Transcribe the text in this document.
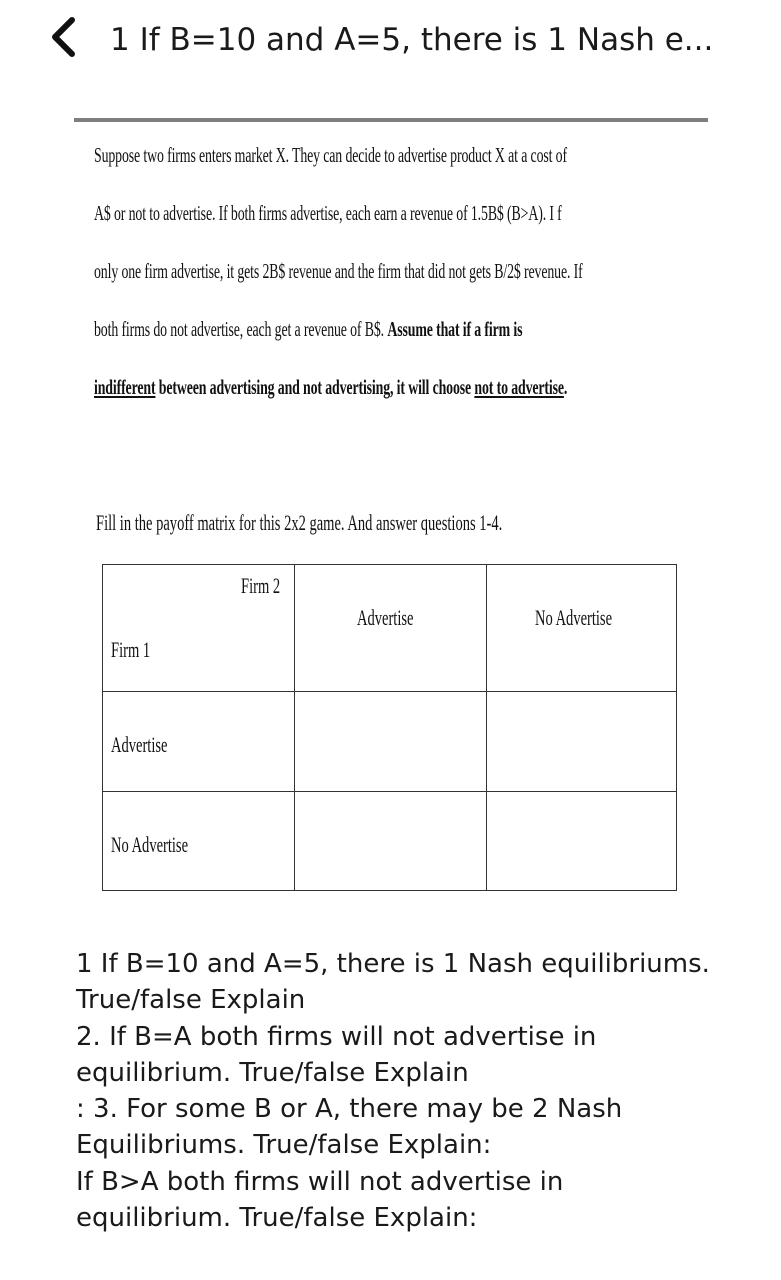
1 If B=10 and A=5, there is 1 Nash e...
Suppose two firms enters market X. They can decide to advertise product X at a cost of
A$ or not to advertise. If both firms advertise, each earn a revenue of 1.5B$ (B>A). I f
only one firm advertise, it gets 2B$ revenue and the firm that did not gets B/2$ revenue. If
both firms do not advertise, each get a revenue of B$. Assume that if a firm is
indifferent between advertising and not advertising, it will choose not to advertise.
Fill in the payoff matrix for this 2x2 game. And answer questions 1-4.
Firm 2
Firm 1	Advertise	No Advertise

Advertise		

No Advertise		

1 If B=10 and A=5, there is 1 Nash equilibriums.
True/false Explain
2. If B=A both firms will not advertise in
equilibrium. True/false Explain
: 3. For some B or A, there may be 2 Nash
Equilibriums. True/false Explain:
If B>A both firms will not advertise in
equilibrium. True/false Explain:
